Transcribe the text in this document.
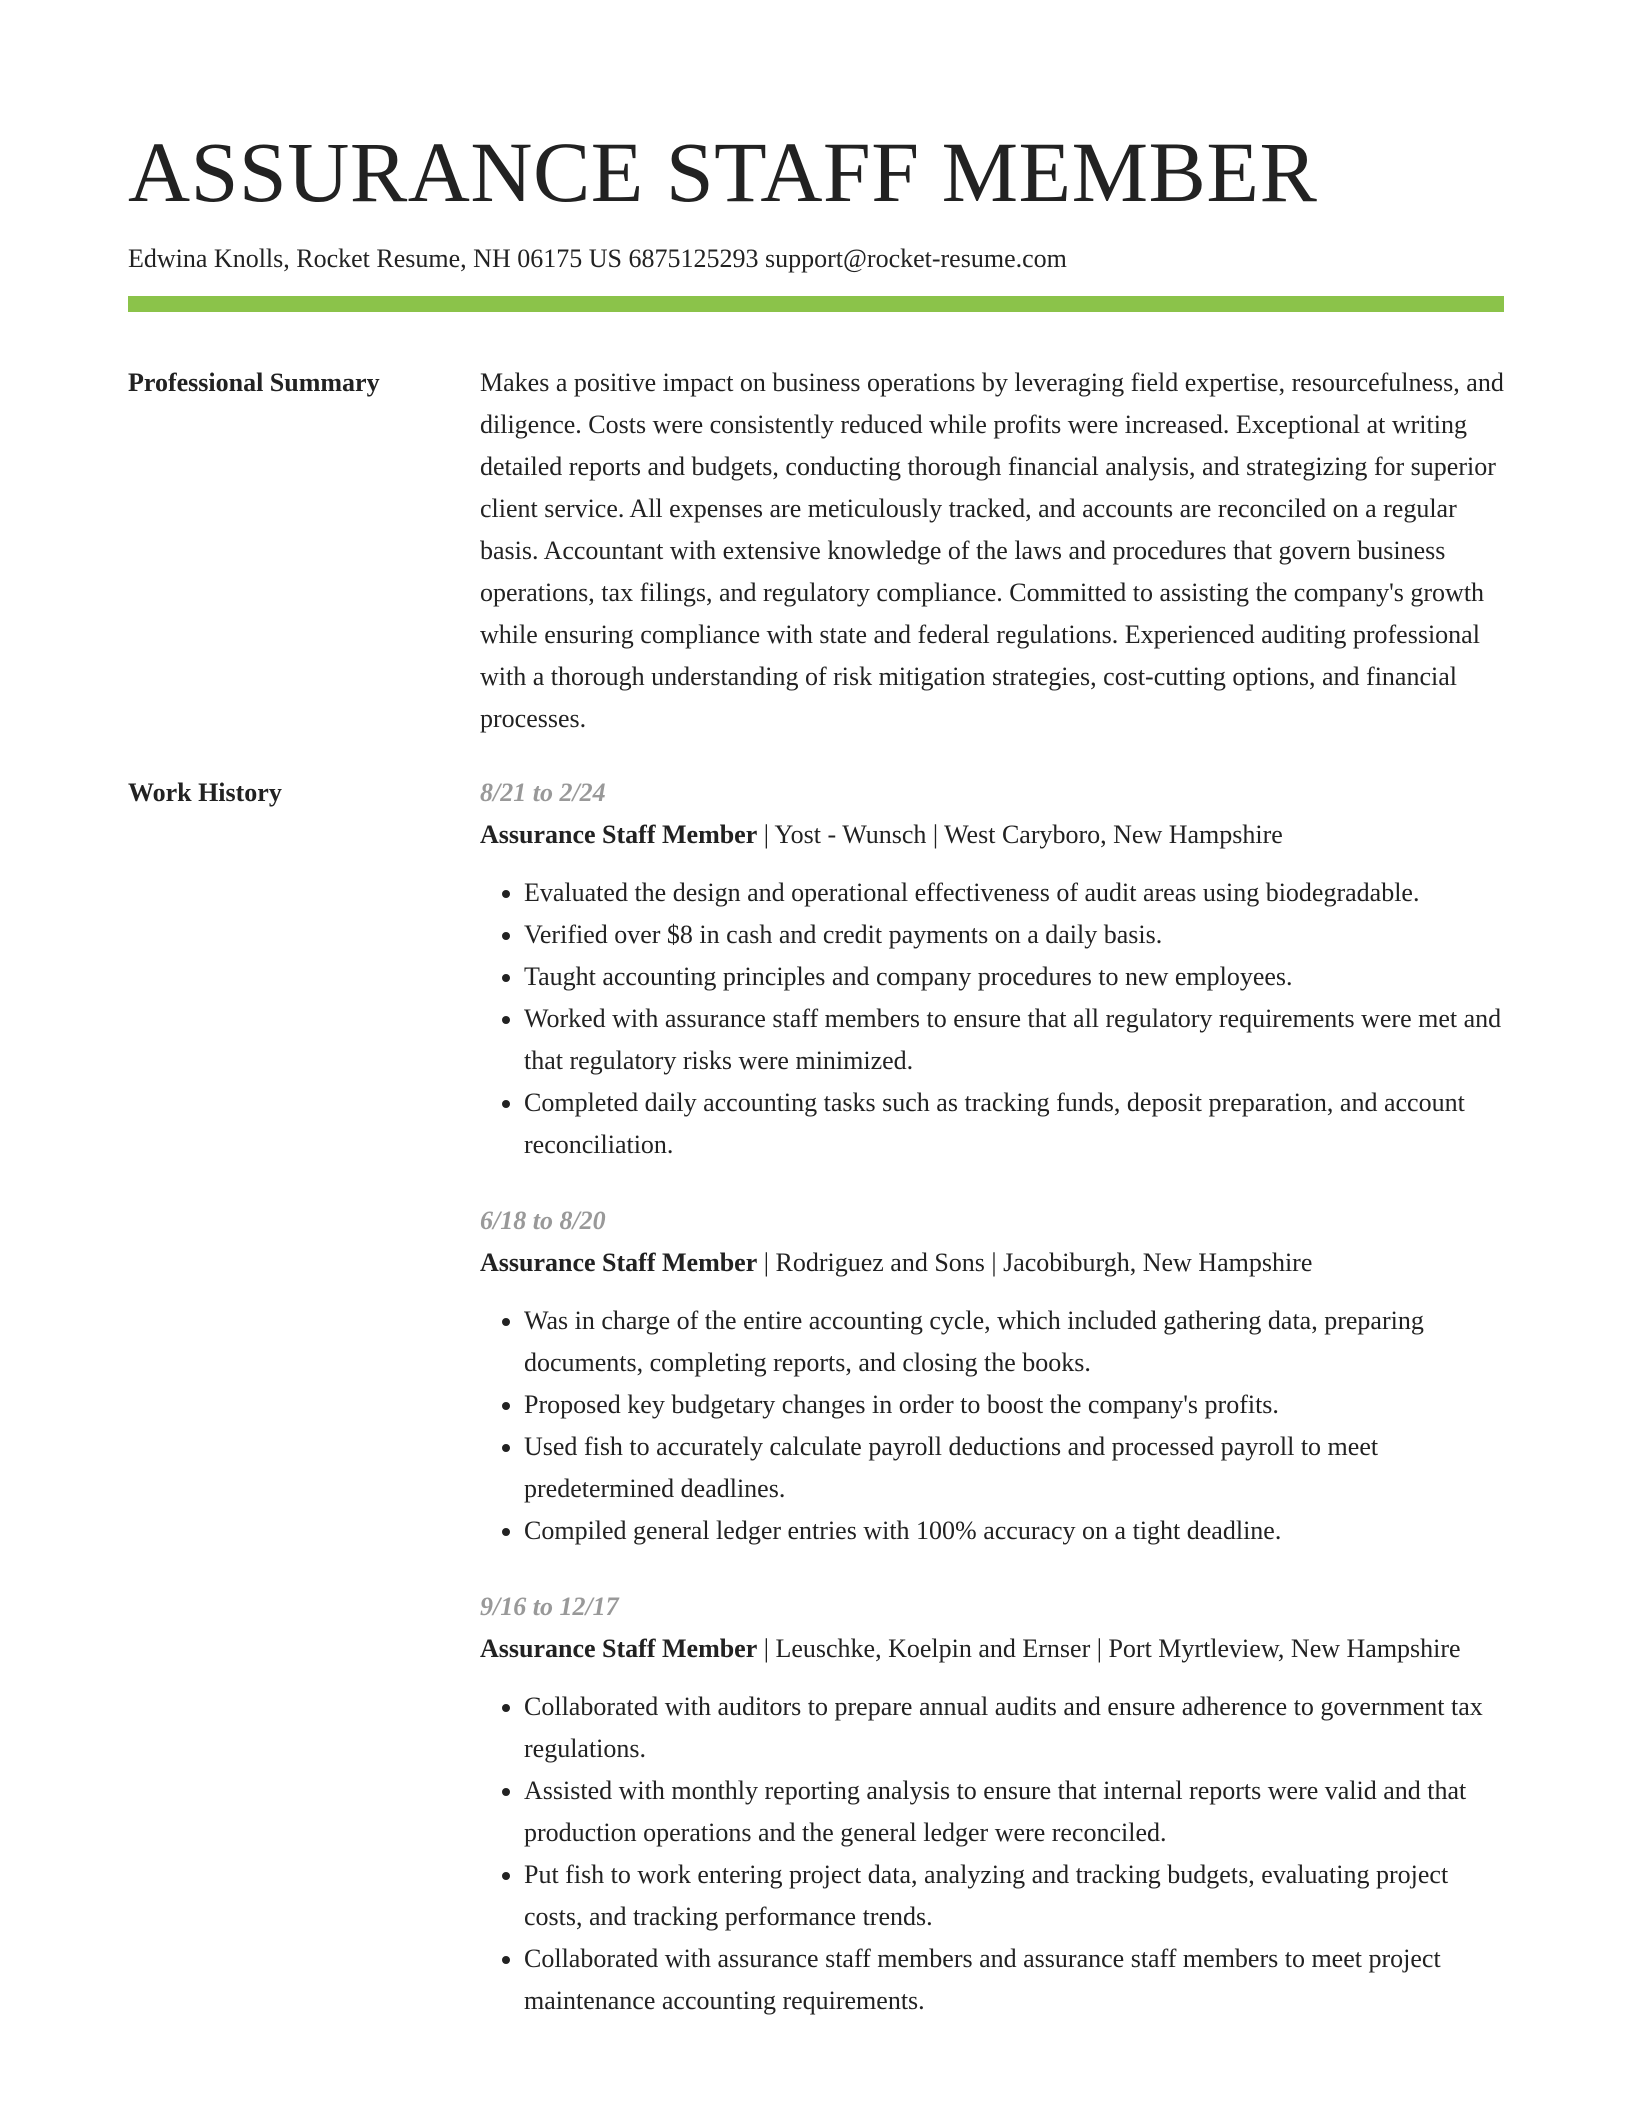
ASSURANCE STAFF MEMBER
Edwina Knolls, Rocket Resume, NH 06175 US 6875125293 support@rocket-resume.com
Professional Summary	Makes a positive impact on business operations by leveraging field expertise, resourcefulness, and diligence. Costs were consistently reduced while profits were increased. Exceptional at writing detailed reports and budgets, conducting thorough financial analysis, and strategizing for superior client service. All expenses are meticulously tracked, and accounts are reconciled on a regular basis. Accountant with extensive knowledge of the laws and procedures that govern business operations, tax filings, and regulatory compliance. Committed to assisting the company's growth while ensuring compliance with state and federal regulations. Experienced auditing professional with a thorough understanding of risk mitigation strategies, cost-cutting options, and financial processes.

Work History	8/21 to 2/24
Assurance Staff Member | Yost - Wunsch | West Caryboro, New Hampshire
• Evaluated the design and operational effectiveness of audit areas using biodegradable.
• Verified over $8 in cash and credit payments on a daily basis.
• Taught accounting principles and company procedures to new employees.
• Worked with assurance staff members to ensure that all regulatory requirements were met and that regulatory risks were minimized.
• Completed daily accounting tasks such as tracking funds, deposit preparation, and account reconciliation.
6/18 to 8/20
Assurance Staff Member | Rodriguez and Sons | Jacobiburgh, New Hampshire
• Was in charge of the entire accounting cycle, which included gathering data, preparing documents, completing reports, and closing the books.
• Proposed key budgetary changes in order to boost the company's profits.
• Used fish to accurately calculate payroll deductions and processed payroll to meet predetermined deadlines.
• Compiled general ledger entries with 100% accuracy on a tight deadline.
9/16 to 12/17
Assurance Staff Member | Leuschke, Koelpin and Ernser | Port Myrtleview, New Hampshire
• Collaborated with auditors to prepare annual audits and ensure adherence to government tax regulations.
• Assisted with monthly reporting analysis to ensure that internal reports were valid and that production operations and the general ledger were reconciled.
• Put fish to work entering project data, analyzing and tracking budgets, evaluating project costs, and tracking performance trends.
• Collaborated with assurance staff members and assurance staff members to meet project maintenance accounting requirements.
